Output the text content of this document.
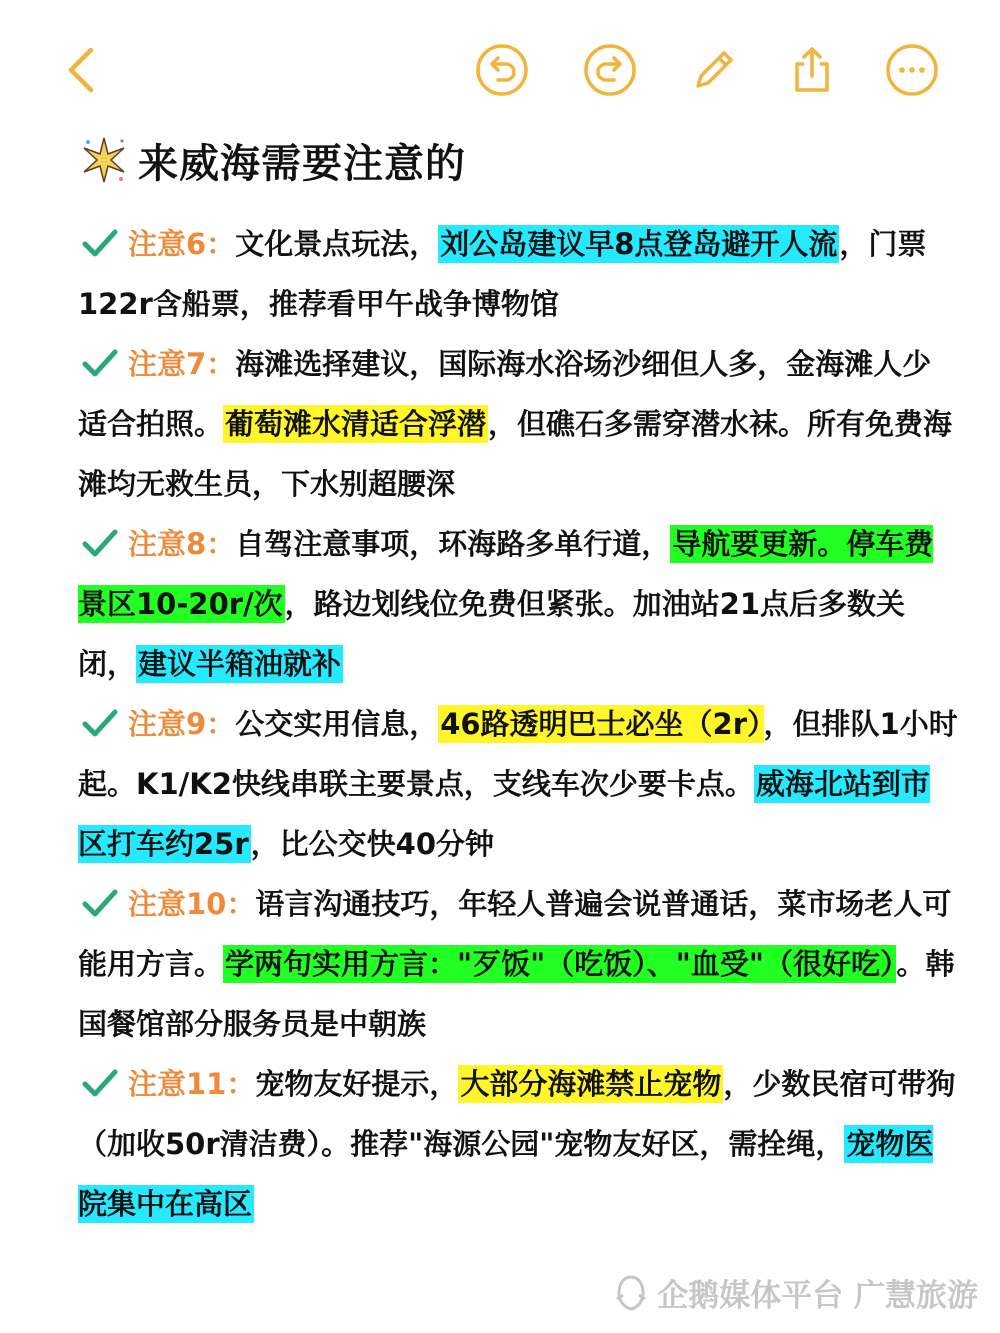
来威海需要注意的

注意6：文化景点玩法，刘公岛建议早8点登岛避开人流，门票122r含船票，推荐看甲午战争博物馆

注意7：海滩选择建议，国际海水浴场沙细但人多，金海滩人少适合拍照。葡萄滩水清适合浮潜，但礁石多需穿潜水袜。所有免费海滩均无救生员，下水别超腰深

注意8：自驾注意事项，环海路多单行道，导航要更新。停车费景区10-20r/次，路边划线位免费但紧张。加油站21点后多数关闭，建议半箱油就补

注意9：公交实用信息，46路透明巴士必坐（2r），但排队1小时起。K1/K2快线串联主要景点，支线车次少要卡点。威海北站到市区打车约25r，比公交快40分钟

注意10：语言沟通技巧，年轻人普遍会说普通话，菜市场老人可能用方言。学两句实用方言："歹饭"（吃饭）、"血受"（很好吃）。韩国餐馆部分服务员是中朝族

注意11：宠物友好提示，大部分海滩禁止宠物，少数民宿可带狗（加收50r清洁费）。推荐"海源公园"宠物友好区，需拴绳，宠物医院集中在高区

企鹅媒体平台 广慧旅游
